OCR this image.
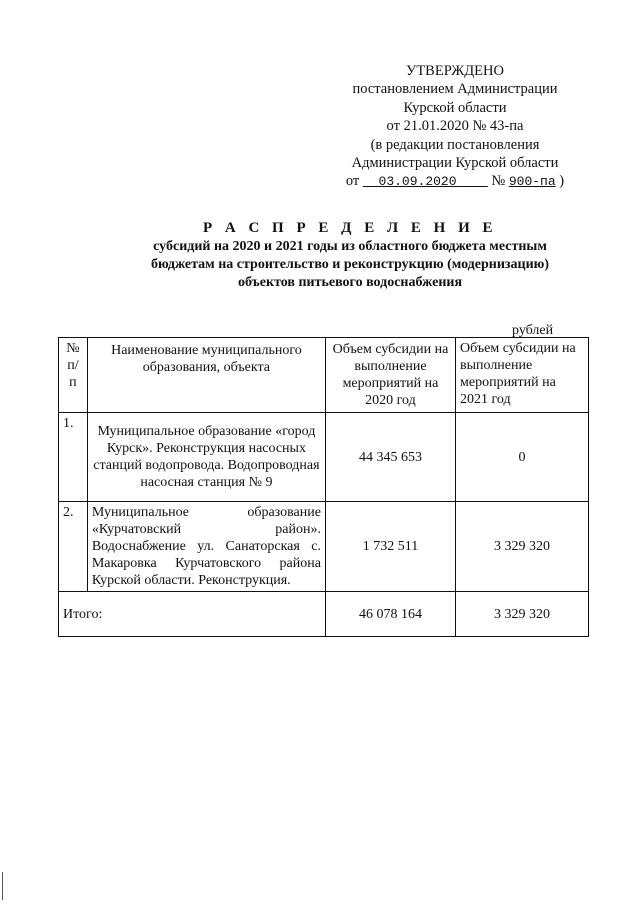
УТВЕРЖДЕНО
постановлением Администрации
Курской области
от 21.01.2020 № 43-па
(в редакции постановления
Администрации Курской области
от 03.09.2020 № 900-па )
Р А С П Р Е Д Е Л Е Н И Е
субсидий на 2020 и 2021 годы из областного бюджета местным
бюджетам на строительство и реконструкцию (модернизацию)
объектов питьевого водоснабжения
рублей
№ п/ п	Наименование муниципального образования, объекта	Объем субсидии на выполнение мероприятий на 2020 год	Объем субсидии на выполнение мероприятий на 2021 год
1.	Муниципальное образование «город Курск». Реконструкция насосных станций водопровода. Водопроводная насосная станция № 9	44 345 653	0
2.	Муниципальное образование «Курчатовский район». Водоснабжение ул. Санаторская с. Макаровка Курчатовского района Курской области. Реконструкция.	1 732 511	3 329 320
Итого:		46 078 164	3 329 320
